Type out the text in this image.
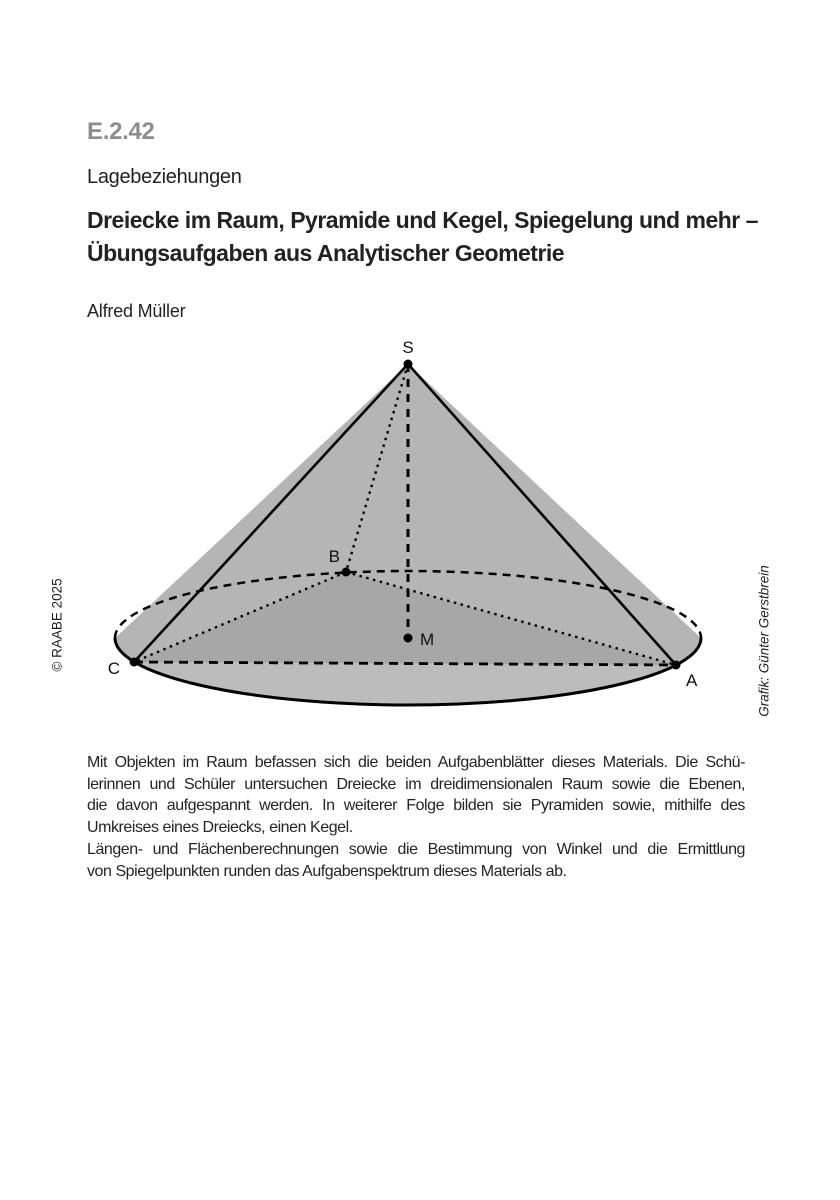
E.2.42
Lagebeziehungen
Dreiecke im Raum, Pyramide und Kegel, Spiegelung und mehr –
Übungsaufgaben aus Analytischer Geometrie
Alfred Müller
© RAABE 2025	Grafik: Günter Gerstbrein
S
B
M
C
A
Mit Objekten im Raum befassen sich die beiden Aufgabenblätter dieses Materials. Die Schü-
lerinnen und Schüler untersuchen Dreiecke im dreidimensionalen Raum sowie die Ebenen,
die davon aufgespannt werden. In weiterer Folge bilden sie Pyramiden sowie, mithilfe des
Umkreises eines Dreiecks, einen Kegel.
Längen- und Flächenberechnungen sowie die Bestimmung von Winkel und die Ermittlung
von Spiegelpunkten runden das Aufgabenspektrum dieses Materials ab.
